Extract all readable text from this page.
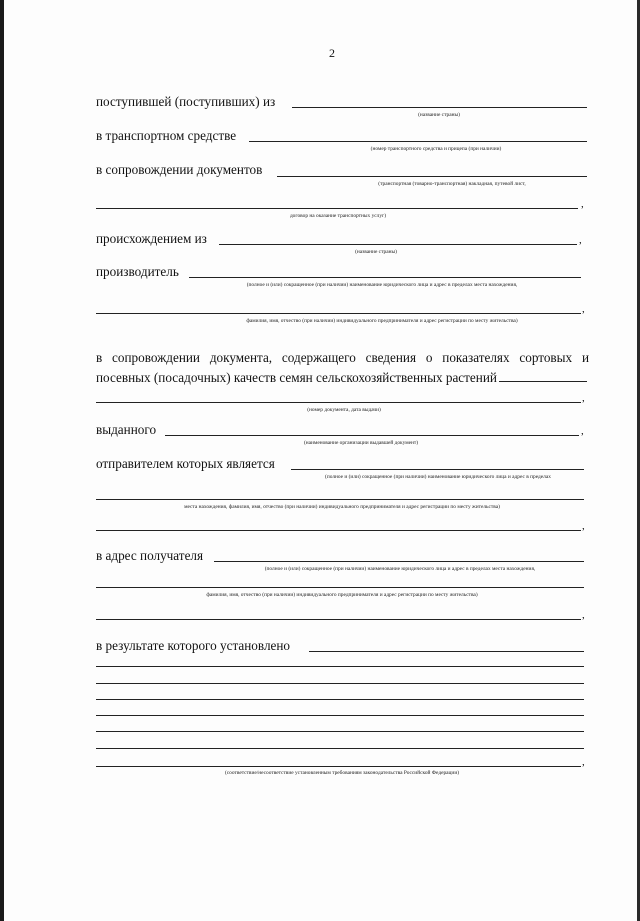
2
поступившей (поступивших) из
(название страны)
в транспортном средстве
(номер транспортного средства и прицепа (при наличии)
в сопровождении документов
(транспортная (товарно-транспортная) накладная, путевой лист,
,
договор на оказание транспортных услуг)
происхождением из	,
(название страны)
производитель
(полное и (или) сокращенное (при наличии) наименование юридического лица и адрес в пределах места нахождения,
,
фамилия, имя, отчество (при наличии) индивидуального предпринимателя и адрес регистрации по месту жительства)
в сопровождении документа, содержащего сведения о показателях сортовых и посевных (посадочных) качеств семян сельскохозяйственных растений
,
(номер документа, дата выдачи)
выданного	,
(наименование организации выдавшей документ)
отправителем которых является
(полное и (или) сокращенное (при наличии) наименование юридического лица и адрес в пределах
места нахождения, фамилия, имя, отчество (при наличии) индивидуального предпринимателя и адрес регистрации по месту жительства)
,
в адрес получателя
(полное и (или) сокращенное (при наличии) наименование юридического лица и адрес в пределах места нахождения,
фамилия, имя, отчество (при наличии) индивидуального предпринимателя и адрес регистрации по месту жительства)
,
в результате которого установлено
,
(соответствие/несоответствие установленным требованиям законодательства Российской Федерации)
